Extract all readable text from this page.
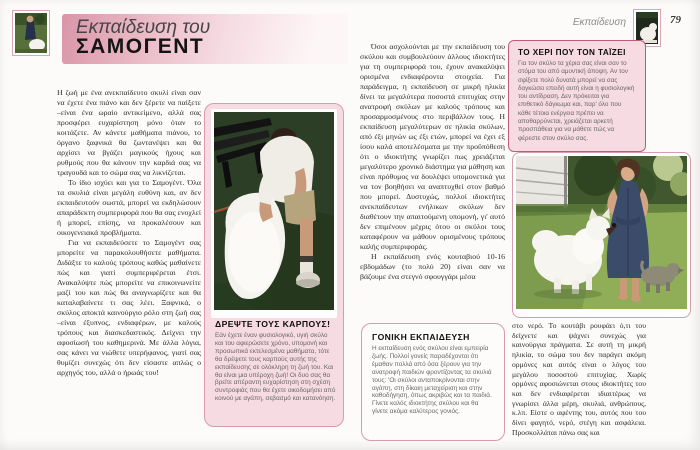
Εκπαίδευση του
ΣΑΜΟΓΕΝΤ

Η ζωή με ένα ανεκπαίδευτο σκυλί είναι σαν να έχετε ένα πιάνο και δεν ξέρετε να παίξετε –είναι ένα ωραίο αντικείμενο, αλλά σας προσφέρει ευχαρίστηση μόνο όταν το κοιτάζετε. Αν κάνετε μαθήματα πιάνου, το όργανο ξαφνικά θα ζωντανέψει και θα αρχίσει να βγάζει μαγικούς ήχους και ρυθμούς που θα κάνουν την καρδιά σας να τραγουδά και το σώμα σας να λικνίζεται.

Το ίδιο ισχύει και για το Σαμογέντ. Όλα τα σκυλιά είναι μεγάλη ευθύνη και, αν δεν εκπαιδευτούν σωστά, μπορεί να εκδηλώσουν απαράδεκτη συμπεριφορά που θα σας ενοχλεί ή μπορεί, επίσης, να προκαλέσουν και οικογενειακά προβλήματα.

Για να εκπαιδεύσετε το Σαμογέντ σας μπορείτε να παρακολουθήσετε μαθήματα. Διδάξτε το καλούς τρόπους καθώς μαθαίνετε πώς και γιατί συμπεριφέρεται έτσι. Ανακαλύψτε πώς μπορείτε να επικοινωνείτε μαζί του και πώς θα αναγνωρίζετε και θα καταλαβαίνετε τι σας λέει. Ξαφνικά, ο σκύλος αποκτά καινούργιο ρόλο στη ζωή σας –είναι έξυπνος, ενδιαφέρων, με καλούς τρόπους και διασκεδαστικός. Δείχνει την αφοσίωσή του καθημερινά. Με άλλα λόγια, σας κάνει να νιώθετε υπερήφανος, γιατί σας θυμίζει συνεχώς ότι δεν είσαστε απλώς ο αρχηγός του, αλλά ο ήρωάς του!

ΔΡΕΨΤΕ ΤΟΥΣ ΚΑΡΠΟΥΣ!
Εάν έχετε έναν φυσιολογικό, υγιή σκύλο και του αφιερώσετε χρόνο, υπομονή και προσωπικά εκτελεσμένα μαθήματα, τότε θα δρέψετε τους καρπούς αυτής της εκπαίδευσης σε ολόκληρη τη ζωή του. Και θα είναι μια υπέροχη ζωή! Οι δυο σας θα βρείτε απέραντη ευχαρίστηση στη σχέση συντροφιάς που θα έχετε οικοδομήσει από κοινού με αγάπη, σεβασμό και κατανόηση.
Εκπαίδευση	79

Όσοι ασχολούνται με την εκπαίδευση του σκύλου και συμβουλεύουν άλλους ιδιοκτήτες για τη συμπεριφορά του, έχουν ανακαλύψει ορισμένα ενδιαφέροντα στοιχεία. Για παράδειγμα, η εκπαίδευση σε μικρή ηλικία δίνει τα μεγαλύτερα ποσοστά επιτυχίας στην ανατροφή σκύλων με καλούς τρόπους και προσαρμοσμένους στο περιβάλλον τους. Η εκπαίδευση μεγαλύτερων σε ηλικία σκύλων, από έξι μηνών ως έξι ετών, μπορεί να έχει εξ ίσου καλά αποτελέσματα με την προϋπόθεση ότι ο ιδιοκτήτης γνωρίζει πως χρειάζεται μεγαλύτερο χρονικό διάστημα για μάθηση και είναι πρόθυμος να δουλέψει υπομονετικά για να τον βοηθήσει να αναπτυχθεί στον βαθμό που μπορεί. Δυστυχώς, πολλοί ιδιοκτήτες ανεκπαίδευτων ενήλικων σκύλων δεν διαθέτουν την απαιτούμενη υπομονή, γι' αυτό δεν επιμένουν μέχρις ότου οι σκύλοι τους καταφέρουν να μάθουν ορισμένους τρόπους καλής συμπεριφοράς.

Η εκπαίδευση ενός κουταβιού 10-16 εβδομάδων (το πολύ 20) είναι σαν να βάζουμε ένα στεγνό σφουγγάρι μέσα

ΤΟ ΧΕΡΙ ΠΟΥ ΤΟΝ ΤΑΪΖΕΙ
Για τον σκύλο τα χέρια σας είναι σαν το στόμα του από αμυντική άποψη. Αν τον σφίξετε πολύ δυνατά μπορεί να σας δαγκώσει επειδή αυτή είναι η φυσιολογική του αντίδραση. Δεν πρόκειται για επιθετικό δάγκωμα και, παρ' όλο που κάθε τέτοια ενέργεια πρέπει να αποθαρρύνεται, χρειάζεται αρκετή προσπάθεια για να μάθετε πώς να φέρεστε στον σκύλο σας.
ΓΟΝΙΚΗ ΕΚΠΑΙΔΕΥΣΗ
Η εκπαίδευση ενός σκύλου είναι εμπειρία ζωής. Πολλοί γονείς παραδέχονται ότι έμαθαν πολλά από όσα ξέρουν για την ανατροφή παιδιών φροντίζοντας τα σκυλιά τους: 'Οι σκύλοι ανταποκρίνονται στην αγάπη, στη δίκαιη μεταχείριση και στην καθοδήγηση, όπως ακριβώς και τα παιδιά. Γίνετε καλός ιδιοκτήτης σκύλου και θα γίνετε ακόμα καλύτερος γονιός.

στο νερό. Το κουτάβι ρουφάει ό,τι του δείχνετε και ψάχνει συνεχώς για καινούργια πράγματα. Σε αυτή τη μικρή ηλικία, το σώμα του δεν παράγει ακόμη ορμόνες και αυτός είναι ο λόγος του μεγάλου ποσοστού επιτυχίας. Χωρίς ορμόνες αφοσιώνεται στους ιδιοκτήτες του και δεν ενδιαφέρεται ιδιαιτέρως να γνωρίσει άλλα μέρη, σκυλιά, ανθρώπους, κ.λπ. Είστε ο αφέντης του, αυτός που του δίνει φαγητό, νερό, στέγη και ασφάλεια. Προσκολλάται πάνω σας και
